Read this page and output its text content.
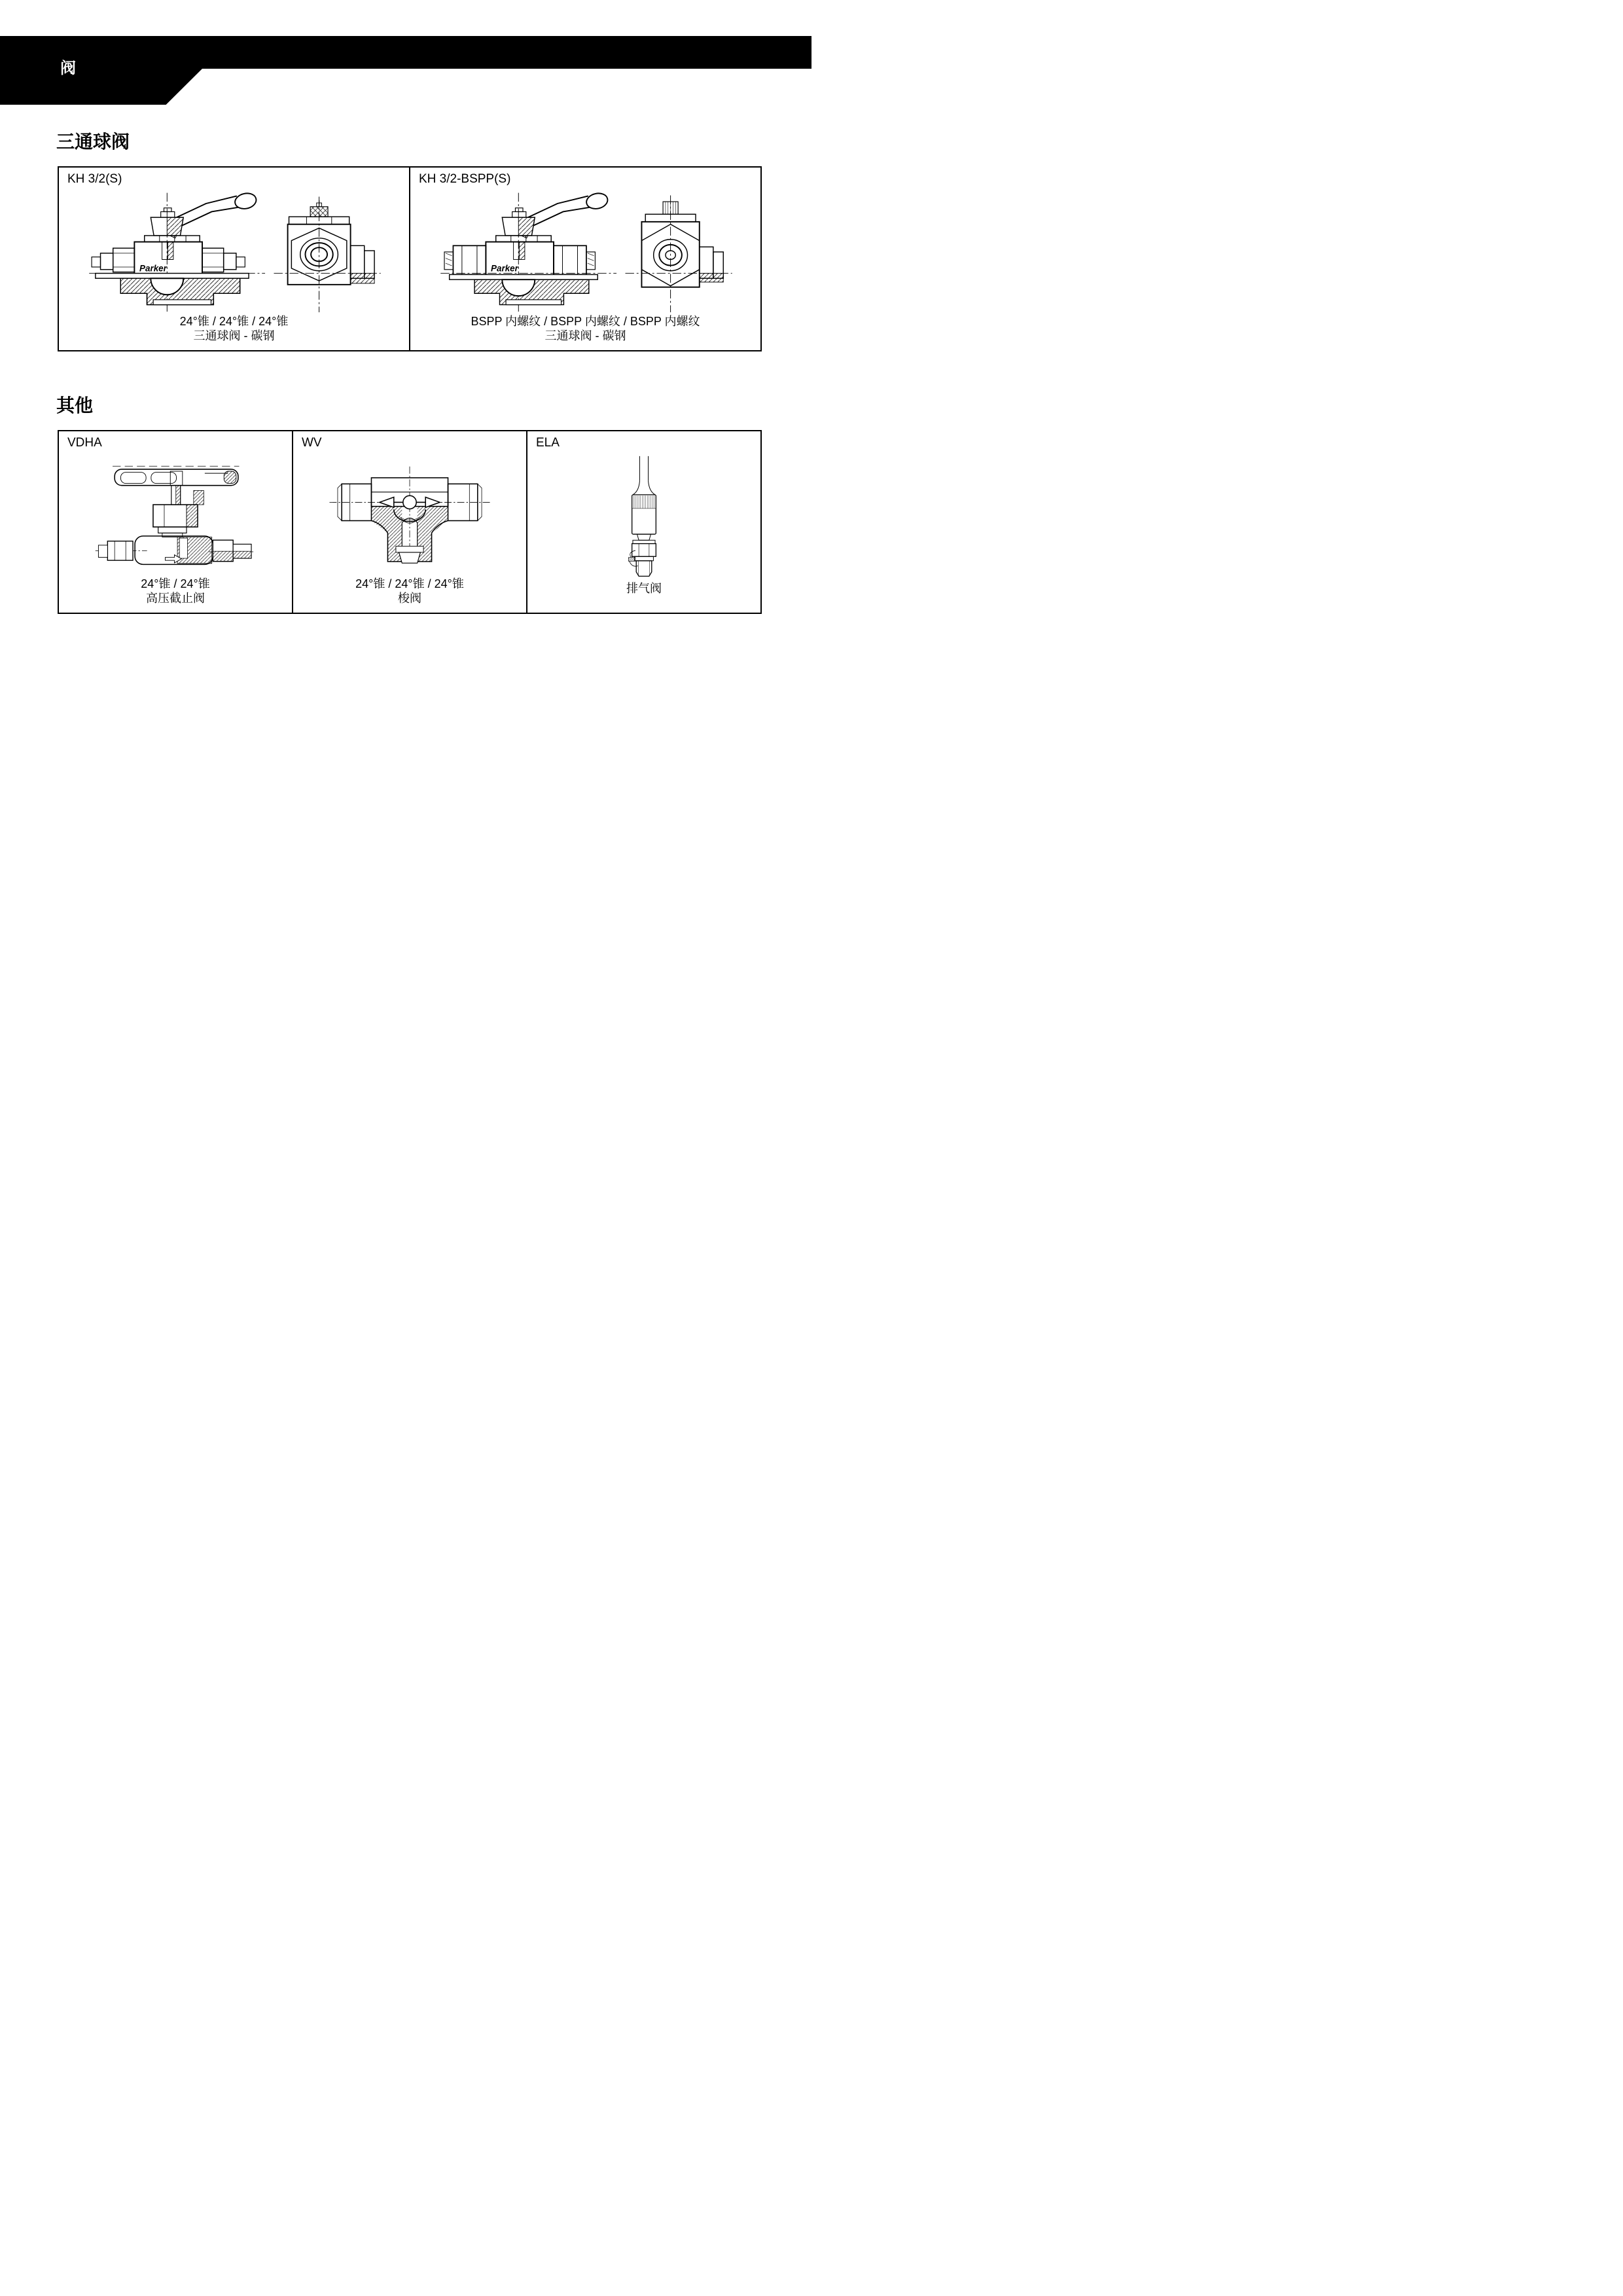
阀
三通球阀
KH 3/2(S)
Parker
24°锥 / 24°锥 / 24°锥
三通球阀 - 碳钢
KH 3/2-BSPP(S)
Parker
BSPP 内螺纹 / BSPP 内螺纹 / BSPP 内螺纹
三通球阀 - 碳钢
其他
VDHA
24°锥 / 24°锥
高压截止阀
WV
24°锥 / 24°锥 / 24°锥
梭阀
ELA
排气阀
